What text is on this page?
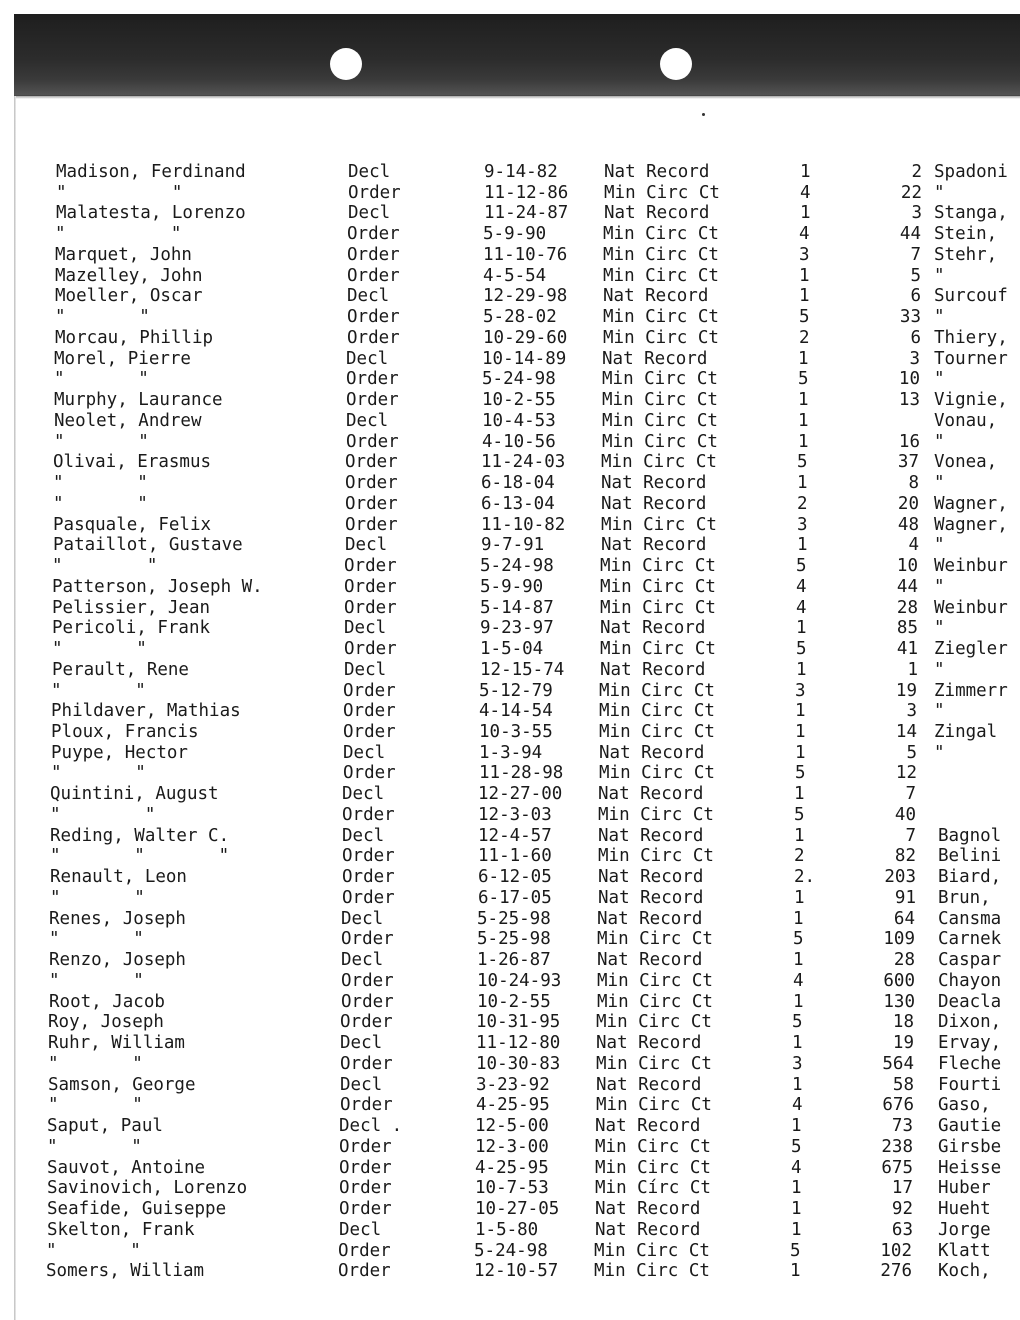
Madison, Ferdinand	Decl	9-14-82	Nat Record	1	2 Spadoni
"          "	Order	11-12-86 Min Circ Ct	4	22 "
Malatesta, Lorenzo	Decl	11-24-87 Nat Record	1	3 Stanga,
"          "	Order	5-9-90	Min Circ Ct	4	44 Stein,
Marquet, John	Order	11-10-76 Min Circ Ct	3	7 Stehr,
Mazelley, John	Order	4-5-54	Min Circ Ct	1	5 "
Moeller, Oscar	Decl	12-29-98 Nat Record	1	6 Surcouf
"       "	Order	5-28-02	Min Circ Ct	5	33 "
Morcau, Phillip	Order	10-29-60 Min Circ Ct	2	6 Thiery,
Morel, Pierre	Decl	10-14-89 Nat Record	1	3 Tourner
"       "	Order	5-24-98	Min Circ Ct	5	10 "
Murphy, Laurance	Order	10-2-55	Min Circ Ct	1	13 Vignie,
Neolet, Andrew	Decl	10-4-53	Min Circ Ct	1	Vonau,
"       "	Order	4-10-56	Min Circ Ct	1	16 "
Olivai, Erasmus	Order	11-24-03 Min Circ Ct	5	37 Vonea,
"       "	Order	6-18-04	Nat Record	1	8 "
"       "	Order	6-13-04	Nat Record	2	20 Wagner,
Pasquale, Felix	Order	11-10-82 Min Circ Ct	3	48 Wagner,
Pataillot, Gustave	Decl	9-7-91	Nat Record	1	4 "
"        "	Order	5-24-98	Min Circ Ct	5	10 Weinbur
Patterson, Joseph W.	Order	5-9-90	Min Circ Ct	4	44 "
Pelissier, Jean	Order	5-14-87	Min Circ Ct	4	28 Weinbur
Pericoli, Frank	Decl	9-23-97	Nat Record	1	85 "
"       "	Order	1-5-04	Min Circ Ct	5	41 Ziegler
Perault, Rene	Decl	12-15-74 Nat Record	1	1 "
"       "	Order	5-12-79	Min Circ Ct	3	19 Zimmerr
Phildaver, Mathias	Order	4-14-54	Min Circ Ct	1	3 "
Ploux, Francis	Order	10-3-55	Min Circ Ct	1	14 Zingal
Puype, Hector	Decl	1-3-94	Nat Record	1	5 "
"       "	Order	11-28-98 Min Circ Ct	5	12
Quintini, August	Decl	12-27-00 Nat Record	1	7
"        "	Order	12-3-03	Min Circ Ct	5	40
Reding, Walter C.	Decl	12-4-57	Nat Record	1	7 Bagnol
"       "       "	Order	11-1-60	Min Circ Ct	2	82 Belini
Renault, Leon	Order	6-12-05	Nat Record	2.	203 Biard,
"       "	Order	6-17-05	Nat Record	1	91 Brun,
Renes, Joseph	Decl	5-25-98	Nat Record	1	64 Cansma
"       "	Order	5-25-98	Min Circ Ct	5	109 Carnek
Renzo, Joseph	Decl	1-26-87	Nat Record	1	28 Caspar
"       "	Order	10-24-93 Min Circ Ct	4	600 Chayon
Root, Jacob	Order	10-2-55	Min Circ Ct	1	130 Deacla
Roy, Joseph	Order	10-31-95 Min Circ Ct	5	18 Dixon,
Ruhr, William	Decl	11-12-80 Nat Record	1	19 Ervay,
"       "	Order	10-30-83 Min Circ Ct	3	564 Fleche
Samson, George	Decl	3-23-92	Nat Record	1	58 Fourti
"       "	Order	4-25-95	Min Circ Ct	4	676 Gaso,
Saput, Paul	Decl .	12-5-00	Nat Record	1	73 Gautie
"       "	Order	12-3-00	Min Circ Ct	5	238 Girsbe
Sauvot, Antoine	Order	4-25-95	Min Circ Ct	4	675 Heisse
Savinovich, Lorenzo	Order	10-7-53	Min Círc Ct	1	17 Huber
Seafide, Guiseppe	Order	10-27-05 Nat Record	1	92 Hueht
Skelton, Frank	Decl	1-5-80	Nat Record	1	63 Jorge
"       "	Order	5-24-98	Min Circ Ct	5	102 Klatt
Somers, William	Order	12-10-57 Min Circ Ct	1	276 Koch,
